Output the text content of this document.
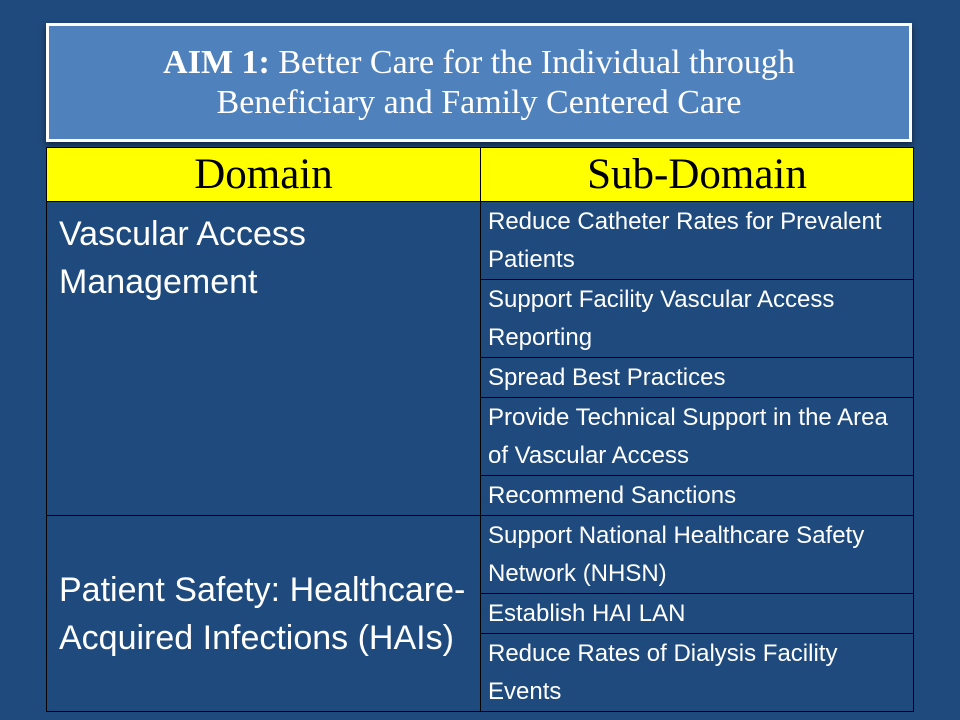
AIM 1: Better Care for the Individual through
Beneficiary and Family Centered Care
Domain	Sub-Domain
Vascular Access Management	Reduce Catheter Rates for Prevalent Patients
	Support Facility Vascular Access Reporting
	Spread Best Practices
	Provide Technical Support in the Area of Vascular Access
	Recommend Sanctions
Patient Safety: Healthcare-Acquired Infections (HAIs)	Support National Healthcare Safety Network (NHSN)
	Establish HAI LAN
	Reduce Rates of Dialysis Facility Events
